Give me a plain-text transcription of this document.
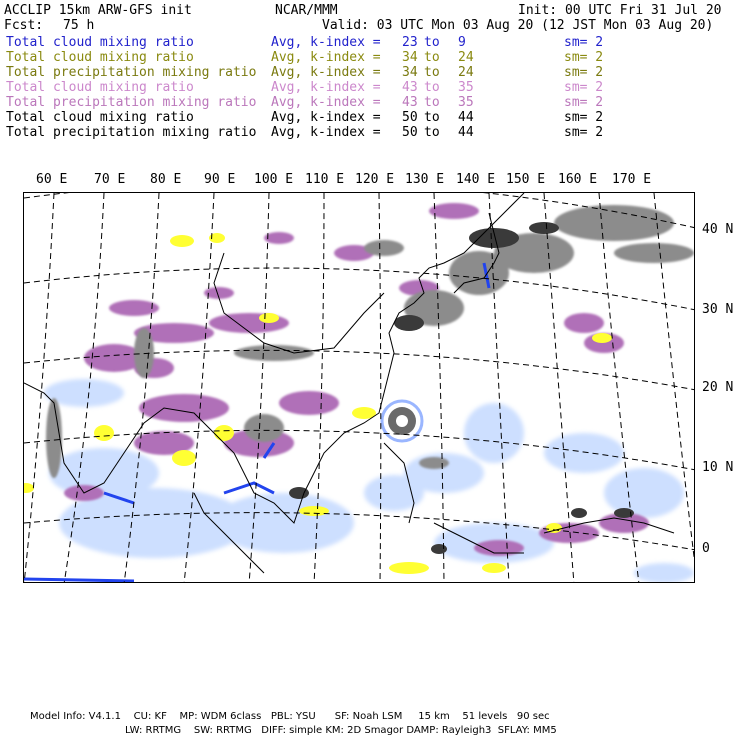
ACCLIP 15km ARW-GFS init	NCAR/MMM	Init: 00 UTC Fri 31 Jul 20
Fcst: 75 h	Valid: 03 UTC Mon 03 Aug 20 (12 JST Mon 03 Aug 20)
Total cloud mixing ratio	Avg, k-index = 23 to 9	sm= 2
Total cloud mixing ratio	Avg, k-index = 34 to 24	sm= 2
Total precipitation mixing ratio Avg, k-index = 34 to 24	sm= 2
Total cloud mixing ratio	Avg, k-index = 43 to 35	sm= 2
Total precipitation mixing ratio Avg, k-index = 43 to 35	sm= 2
Total cloud mixing ratio	Avg, k-index = 50 to 44	sm= 2
Total precipitation mixing ratio Avg, k-index = 50 to 44	sm= 2
60 E 70 E 80 E 90 E 100 E 110 E 120 E 130 E 140 E 150 E 160 E 170 E
40 N
30 N
20 N
10 N
0
Model Info: V4.1.1    CU: KF    MP: WDM 6class   PBL: YSU      SF: Noah LSM     15 km    51 levels   90 sec
LW: RRTMG    SW: RRTMG   DIFF: simple KM: 2D Smagor DAMP: Rayleigh3  SFLAY: MM5
